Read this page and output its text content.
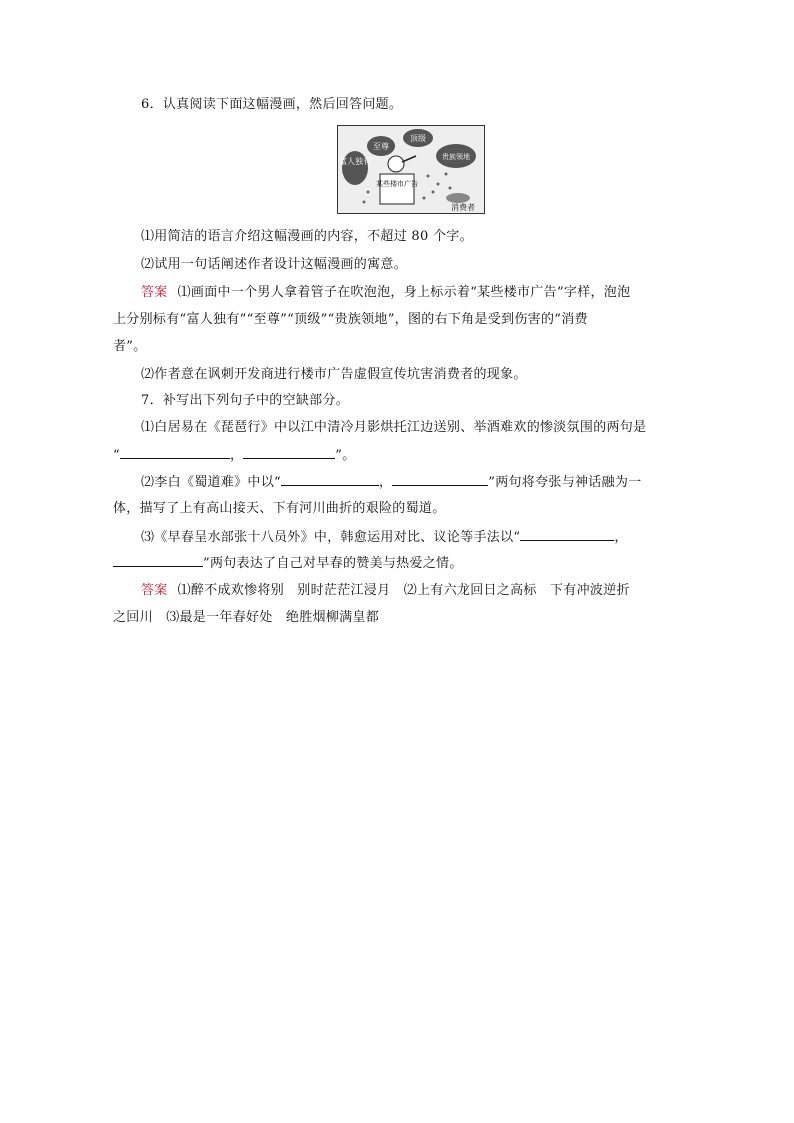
6．认真阅读下面这幅漫画，然后回答问题。
富人独有
至尊
顶级
贵族领地
某些楼市广告
消费者
⑴用简洁的语言介绍这幅漫画的内容，不超过 80 个字。
⑵试用一句话阐述作者设计这幅漫画的寓意。
答案 ⑴画面中一个男人拿着管子在吹泡泡，身上标示着“某些楼市广告”字样，泡泡
上分别标有“富人独有”“至尊”“顶级”“贵族领地”，图的右下角是受到伤害的“消费
者”。
⑵作者意在讽刺开发商进行楼市广告虚假宣传坑害消费者的现象。
7．补写出下列句子中的空缺部分。
⑴白居易在《琵琶行》中以江中清冷月影烘托江边送别、举酒难欢的惨淡氛围的两句是
“	，	”。
⑵李白《蜀道难》中以“	，	”两句将夸张与神话融为一
体，描写了上有高山接天、下有河川曲折的艰险的蜀道。
⑶《早春呈水部张十八员外》中，韩愈运用对比、议论等手法以“	，
”两句表达了自己对早春的赞美与热爱之情。
答案 ⑴醉不成欢惨将别　别时茫茫江浸月　⑵上有六龙回日之高标　下有冲波逆折
之回川　⑶最是一年春好处　绝胜烟柳满皇都
